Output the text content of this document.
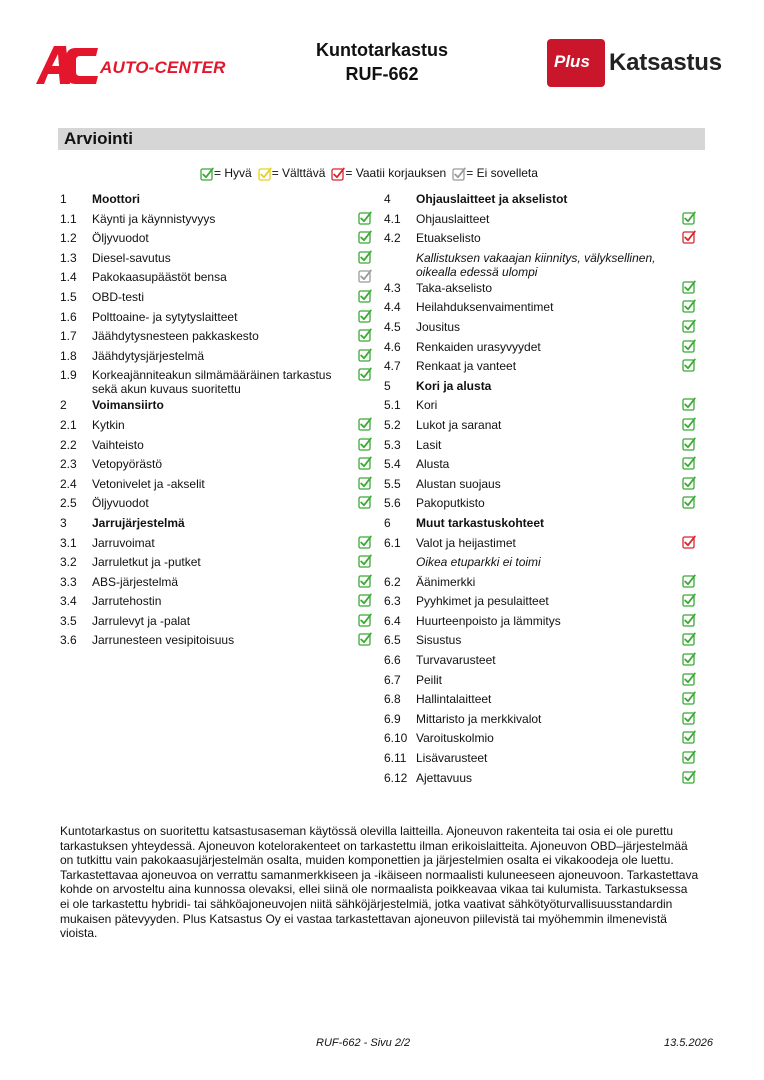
AUTO-CENTER
Kuntotarkastus
RUF-662
Plus Katsastus
Arviointi
= Hyvä = Välttävä = Vaatii korjauksen = Ei sovelleta
1 Moottori
1.1 Käynti ja käynnistyvyys
1.2 Öljyvuodot
1.3 Diesel-savutus
1.4 Pakokaasupäästöt bensa
1.5 OBD-testi
1.6 Polttoaine- ja sytytyslaitteet
1.7 Jäähdytysnesteen pakkaskesto
1.8 Jäähdytysjärjestelmä
1.9 Korkeajänniteakun silmämääräinen tarkastus sekä akun kuvaus suoritettu
2 Voimansiirto
2.1 Kytkin
2.2 Vaihteisto
2.3 Vetopyörästö
2.4 Vetonivelet ja -akselit
2.5 Öljyvuodot
3 Jarrujärjestelmä
3.1 Jarruvoimat
3.2 Jarruletkut ja -putket
3.3 ABS-järjestelmä
3.4 Jarrutehostin
3.5 Jarrulevyt ja -palat
3.6 Jarrunesteen vesipitoisuus
4 Ohjauslaitteet ja akselistot
4.1 Ohjauslaitteet
4.2 Etuakselisto
Kallistuksen vakaajan kiinnitys, välyksellinen, oikealla edessä ulompi
4.3 Taka-akselisto
4.4 Heilahduksenvaimentimet
4.5 Jousitus
4.6 Renkaiden urasyvyydet
4.7 Renkaat ja vanteet
5 Kori ja alusta
5.1 Kori
5.2 Lukot ja saranat
5.3 Lasit
5.4 Alusta
5.5 Alustan suojaus
5.6 Pakoputkisto
6 Muut tarkastuskohteet
6.1 Valot ja heijastimet
Oikea etuparkki ei toimi
6.2 Äänimerkki
6.3 Pyyhkimet ja pesulaitteet
6.4 Huurteenpoisto ja lämmitys
6.5 Sisustus
6.6 Turvavarusteet
6.7 Peilit
6.8 Hallintalaitteet
6.9 Mittaristo ja merkkivalot
6.10 Varoituskolmio
6.11 Lisävarusteet
6.12 Ajettavuus
Kuntotarkastus on suoritettu katsastusaseman käytössä olevilla laitteilla. Ajoneuvon rakenteita tai osia ei ole purettu tarkastuksen yhteydessä. Ajoneuvon kotelorakenteet on tarkastettu ilman erikoislaitteita. Ajoneuvon OBD–järjestelmää on tutkittu vain pakokaasujärjestelmän osalta, muiden komponettien ja järjestelmien osalta ei vikakoodeja ole luettu. Tarkastettavaa ajoneuvoa on verrattu samanmerkkiseen ja -ikäiseen normaalisti kuluneeseen ajoneuvoon. Tarkastettava kohde on arvosteltu aina kunnossa olevaksi, ellei siinä ole normaalista poikkeavaa vikaa tai kulumista. Tarkastuksessa ei ole tarkastettu hybridi- tai sähköajoneuvojen niitä sähköjärjestelmiä, jotka vaativat sähkötyöturvallisuusstandardin mukaisen pätevyyden. Plus Katsastus Oy ei vastaa tarkastettavan ajoneuvon piilevistä tai myöhemmin ilmenevistä vioista.
RUF-662 - Sivu 2/2	13.5.2026
